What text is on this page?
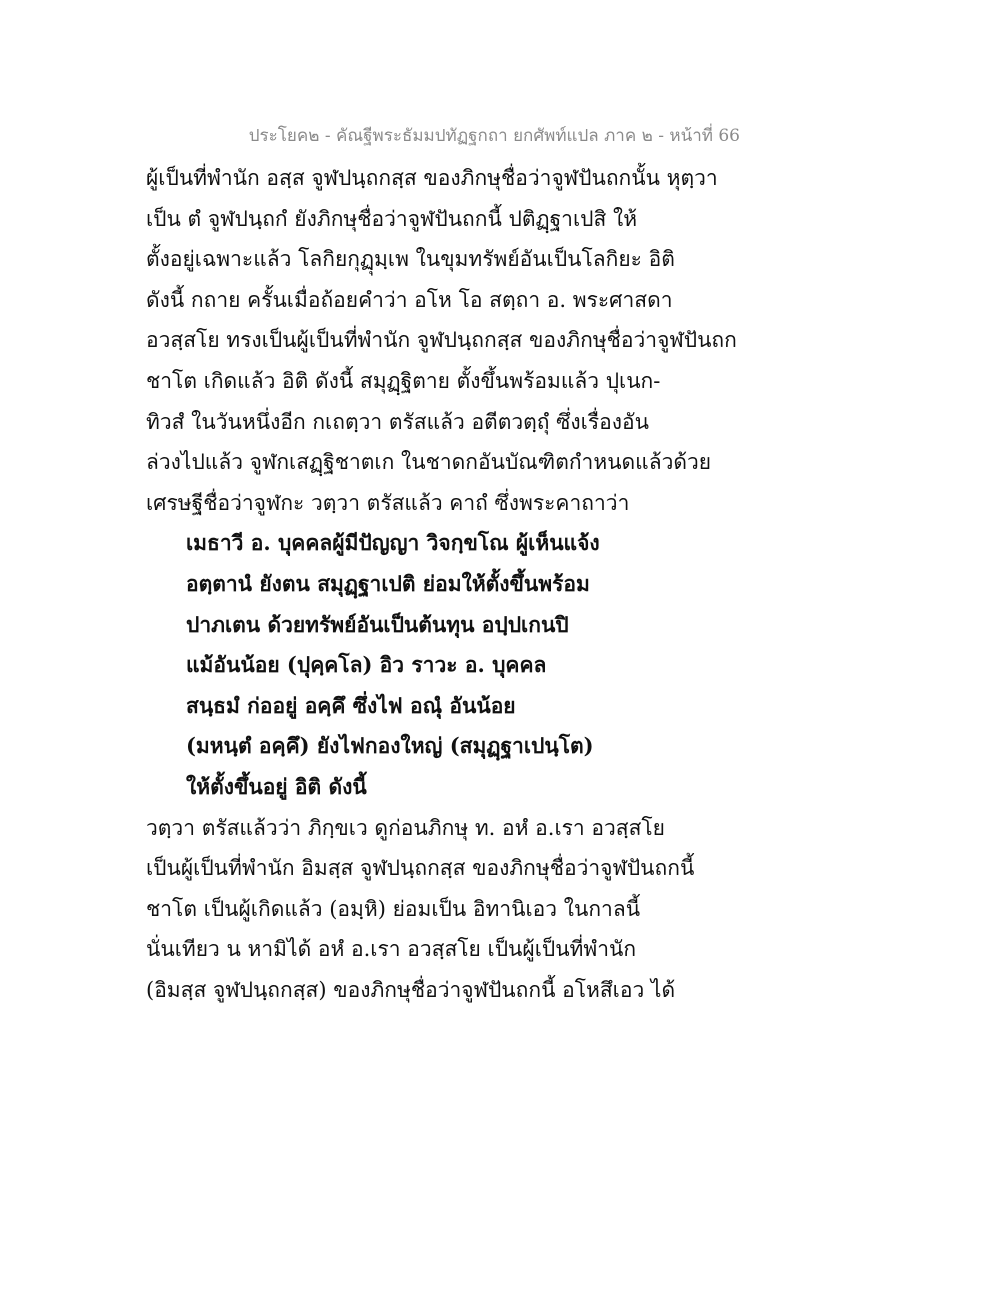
ประโยค๒ - คัณฐีพระธัมมปทัฏฐกถา ยกศัพท์แปล ภาค ๒ - หน้าที่ 66
ผู้เป็นที่พำนัก อสฺส จูฬปนฺถกสฺส ของภิกษุชื่อว่าจูฬปันถกนั้น หุตฺวา
เป็น ตํ จูฬปนฺถกํ ยังภิกษุชื่อว่าจูฬปันถกนี้ ปติฏฺฐาเปสิ ให้
ตั้งอยู่เฉพาะแล้ว โลกิยกุฏุมฺเพ ในขุมทรัพย์อันเป็นโลกิยะ อิติ
ดังนี้ กถาย ครั้นเมื่อถ้อยคำว่า อโห โอ สตฺถา อ. พระศาสดา
อวสฺสโย ทรงเป็นผู้เป็นที่พำนัก จูฬปนฺถกสฺส ของภิกษุชื่อว่าจูฬปันถก
ชาโต เกิดแล้ว อิติ ดังนี้ สมุฏฺฐิตาย ตั้งขึ้นพร้อมแล้ว ปุเนก-
ทิวสํ ในวันหนึ่งอีก กเถตฺวา ตรัสแล้ว อตีตวตฺถุํ ซึ่งเรื่องอัน
ล่วงไปแล้ว จูฬกเสฏฺฐิชาตเก ในชาดกอันบัณฑิตกำหนดแล้วด้วย
เศรษฐีชื่อว่าจูฬกะ วตฺวา ตรัสแล้ว คาถํ ซึ่งพระคาถาว่า
เมธาวี อ. บุคคลผู้มีปัญญา วิจกฺขโณ ผู้เห็นแจ้ง
อตฺตานํ ยังตน สมุฏฺฐาเปติ ย่อมให้ตั้งขึ้นพร้อม
ปาภเตน ด้วยทรัพย์อันเป็นต้นทุน อปฺปเกนปิ
แม้อันน้อย (ปุคฺคโล) อิว ราวะ อ. บุคคล
สนฺธมํ ก่ออยู่ อคฺคึ ซึ่งไฟ อณุํ อันน้อย
(มหนฺตํ อคฺคึ) ยังไฟกองใหญ่ (สมุฏฺฐาเปนฺโต)
ให้ตั้งขึ้นอยู่ อิติ ดังนี้
วตฺวา ตรัสแล้วว่า ภิกฺขเว ดูก่อนภิกษุ ท. อหํ อ.เรา อวสฺสโย
เป็นผู้เป็นที่พำนัก อิมสฺส จูฬปนฺถกสฺส ของภิกษุชื่อว่าจูฬปันถกนี้
ชาโต เป็นผู้เกิดแล้ว (อมฺหิ) ย่อมเป็น อิทานิเอว ในกาลนี้
นั่นเทียว น หามิได้ อหํ อ.เรา อวสฺสโย เป็นผู้เป็นที่พำนัก
(อิมสฺส จูฬปนฺถกสฺส) ของภิกษุชื่อว่าจูฬปันถกนี้ อโหสึเอว ได้
